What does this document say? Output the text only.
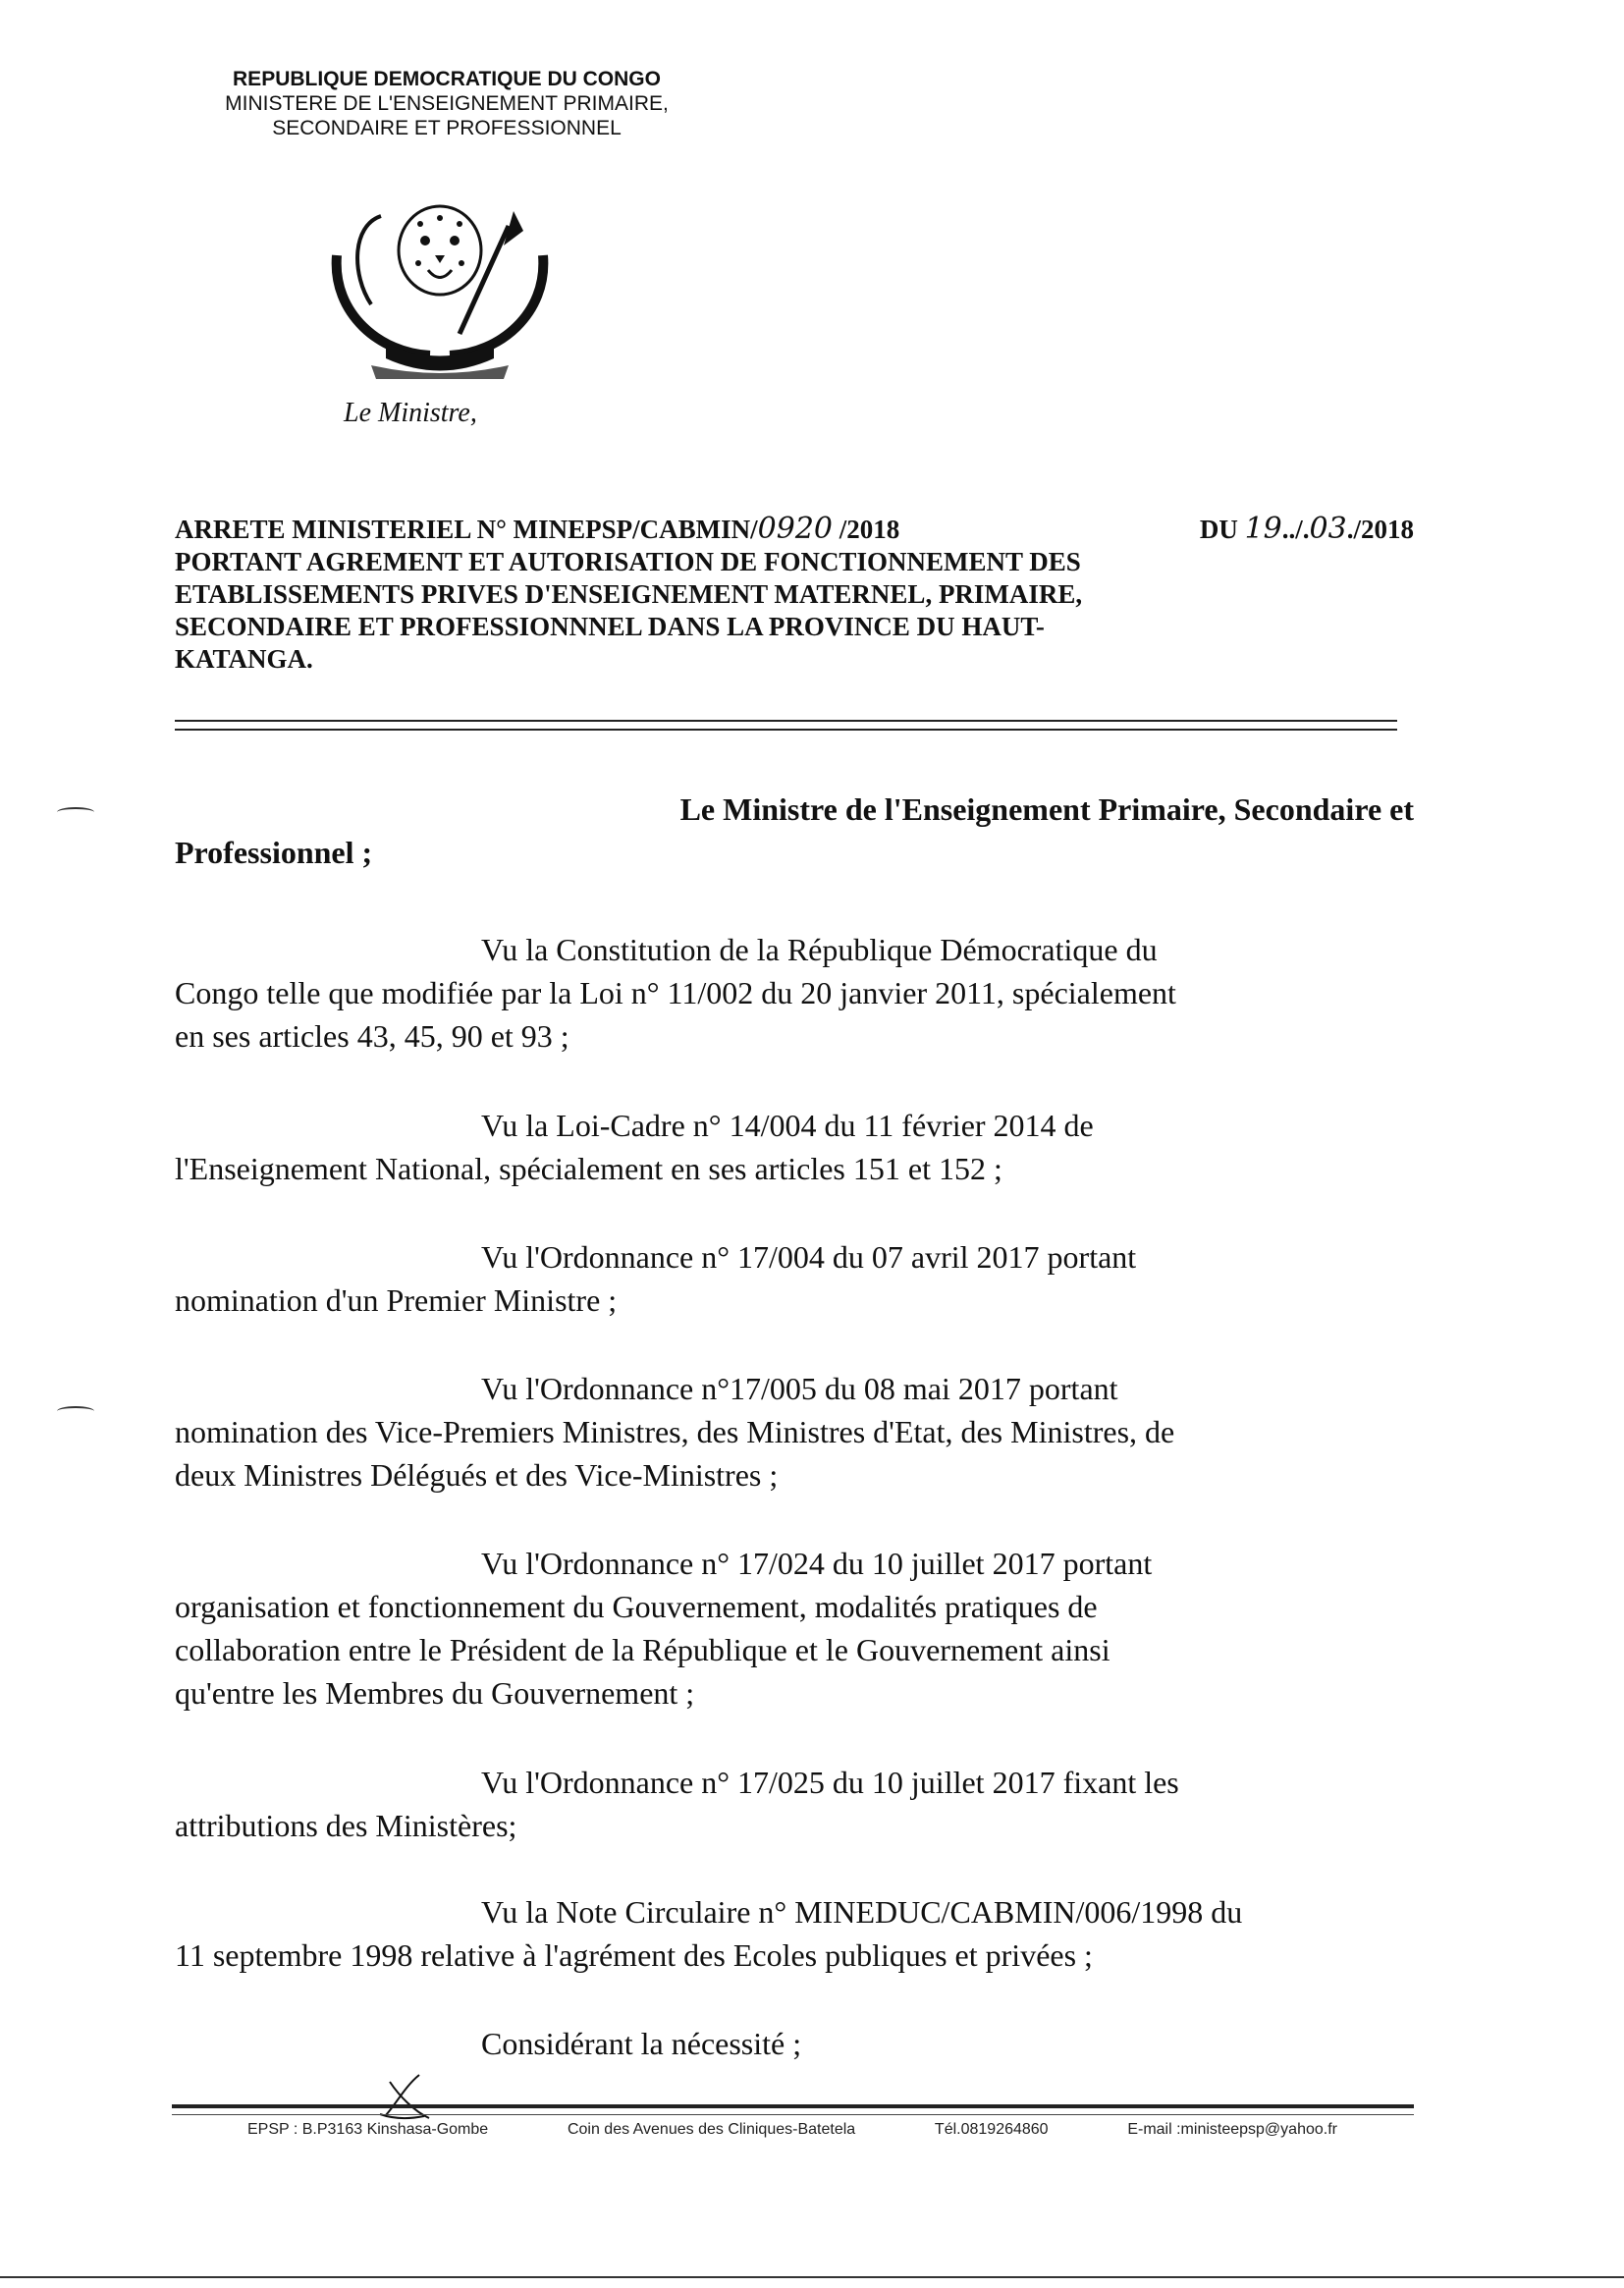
REPUBLIQUE DEMOCRATIQUE DU CONGO
MINISTERE DE L'ENSEIGNEMENT PRIMAIRE,
SECONDAIRE ET PROFESSIONNEL
Le Ministre,
ARRETE MINISTERIEL N° MINEPSP/CABMIN/0920 /2018	DU 19../.03./2018
PORTANT AGREMENT ET AUTORISATION DE FONCTIONNEMENT DES
ETABLISSEMENTS PRIVES D'ENSEIGNEMENT MATERNEL, PRIMAIRE,
SECONDAIRE ET PROFESSIONNNEL DANS LA PROVINCE DU HAUT-
KATANGA.
Le Ministre de l'Enseignement Primaire, Secondaire et
Professionnel ;
Vu la Constitution de la République Démocratique du
Congo telle que modifiée par la Loi n° 11/002 du 20 janvier 2011, spécialement
en ses articles 43, 45, 90 et 93 ;
Vu la Loi-Cadre n° 14/004 du 11 février 2014 de
l'Enseignement National, spécialement en ses articles 151 et 152 ;
Vu l'Ordonnance n° 17/004 du 07 avril 2017 portant
nomination d'un Premier Ministre ;
Vu l'Ordonnance n°17/005 du 08 mai 2017 portant
nomination des Vice-Premiers Ministres, des Ministres d'Etat, des Ministres, de
deux Ministres Délégués et des Vice-Ministres ;
Vu l'Ordonnance n° 17/024 du 10 juillet 2017 portant
organisation et fonctionnement du Gouvernement, modalités pratiques de
collaboration entre le Président de la République et le Gouvernement ainsi
qu'entre les Membres du Gouvernement ;
Vu l'Ordonnance n° 17/025 du 10 juillet 2017 fixant les
attributions des Ministères;
Vu la Note Circulaire n° MINEDUC/CABMIN/006/1998 du
11 septembre 1998 relative à l'agrément des Ecoles publiques et privées ;
Considérant la nécessité ;
EPSP : B.P3163 Kinshasa-Gombe	Coin des Avenues des Cliniques-Batetela	Tél.0819264860	E-mail :ministeepsp@yahoo.fr
